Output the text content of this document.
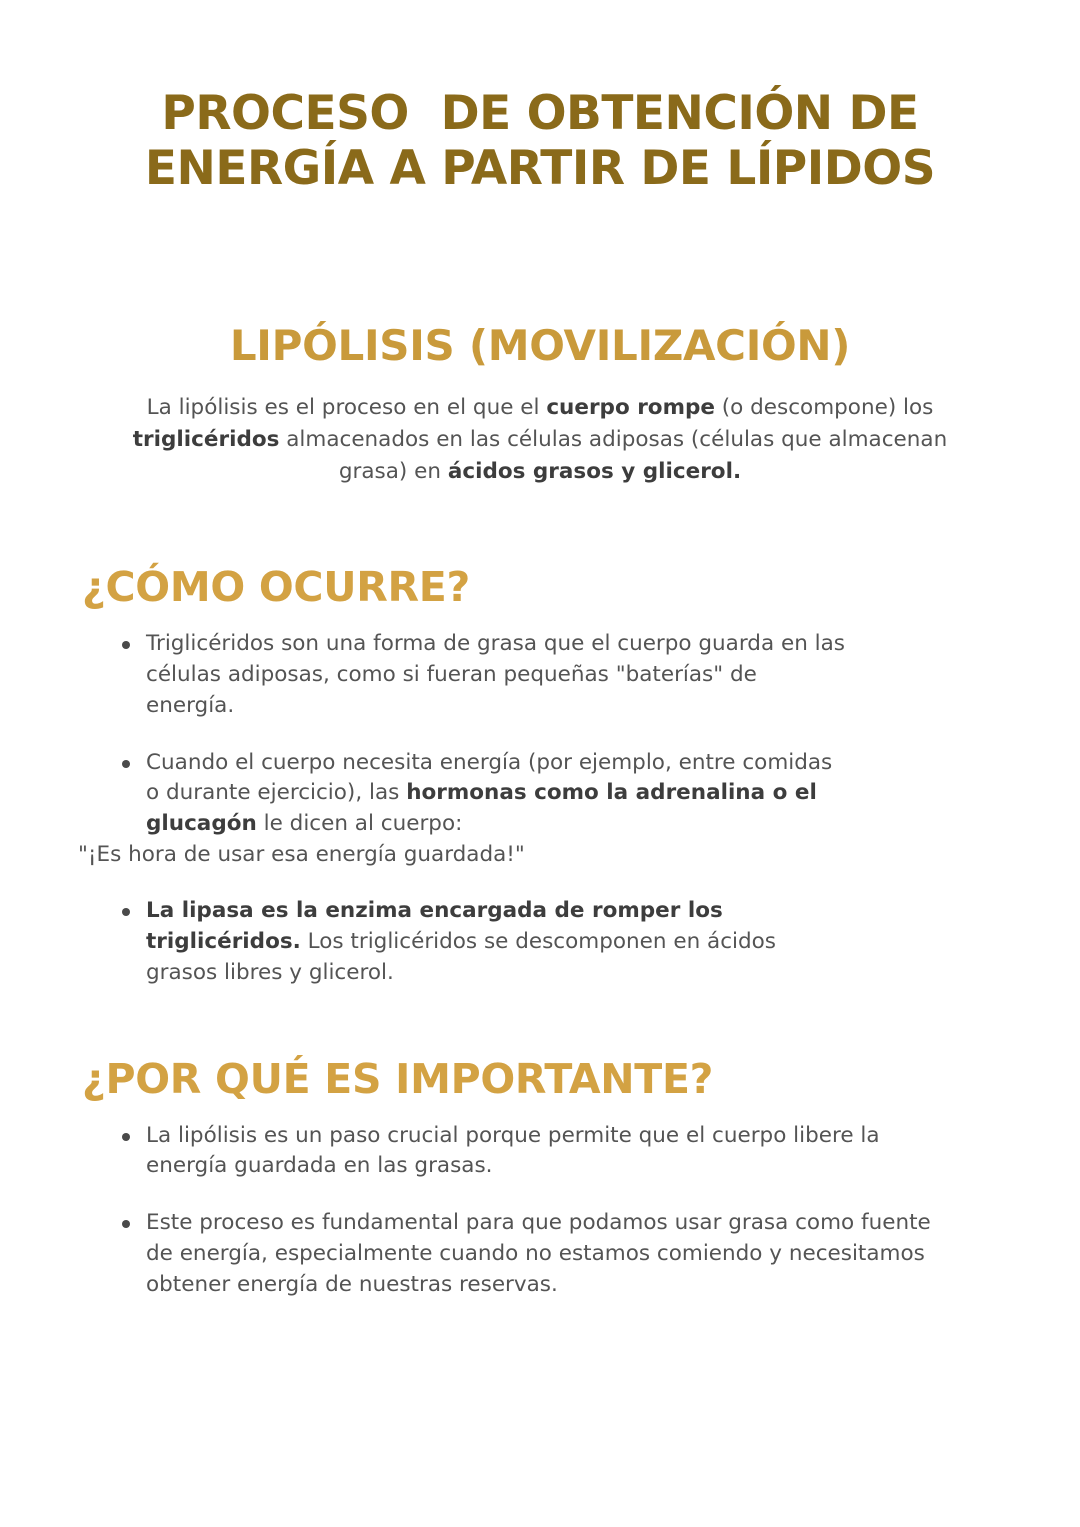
PROCESO  DE OBTENCIÓN DE
ENERGÍA A PARTIR DE LÍPIDOS
LIPÓLISIS (MOVILIZACIÓN)

La lipólisis es el proceso en el que el cuerpo rompe (o descompone) los triglicéridos almacenados en las células adiposas (células que almacenan grasa) en ácidos grasos y glicerol.

¿CÓMO OCURRE?
Triglicéridos son una forma de grasa que el cuerpo guarda en las células adiposas, como si fueran pequeñas "baterías" de energía.
Cuando el cuerpo necesita energía (por ejemplo, entre comidas o durante ejercicio), las hormonas como la adrenalina o el glucagón le dicen al cuerpo:
"¡Es hora de usar esa energía guardada!"
La lipasa es la enzima encargada de romper los triglicéridos. Los triglicéridos se descomponen en ácidos grasos libres y glicerol.
¿POR QUÉ ES IMPORTANTE?
La lipólisis es un paso crucial porque permite que el cuerpo libere la energía guardada en las grasas.
Este proceso es fundamental para que podamos usar grasa como fuente de energía, especialmente cuando no estamos comiendo y necesitamos obtener energía de nuestras reservas.
